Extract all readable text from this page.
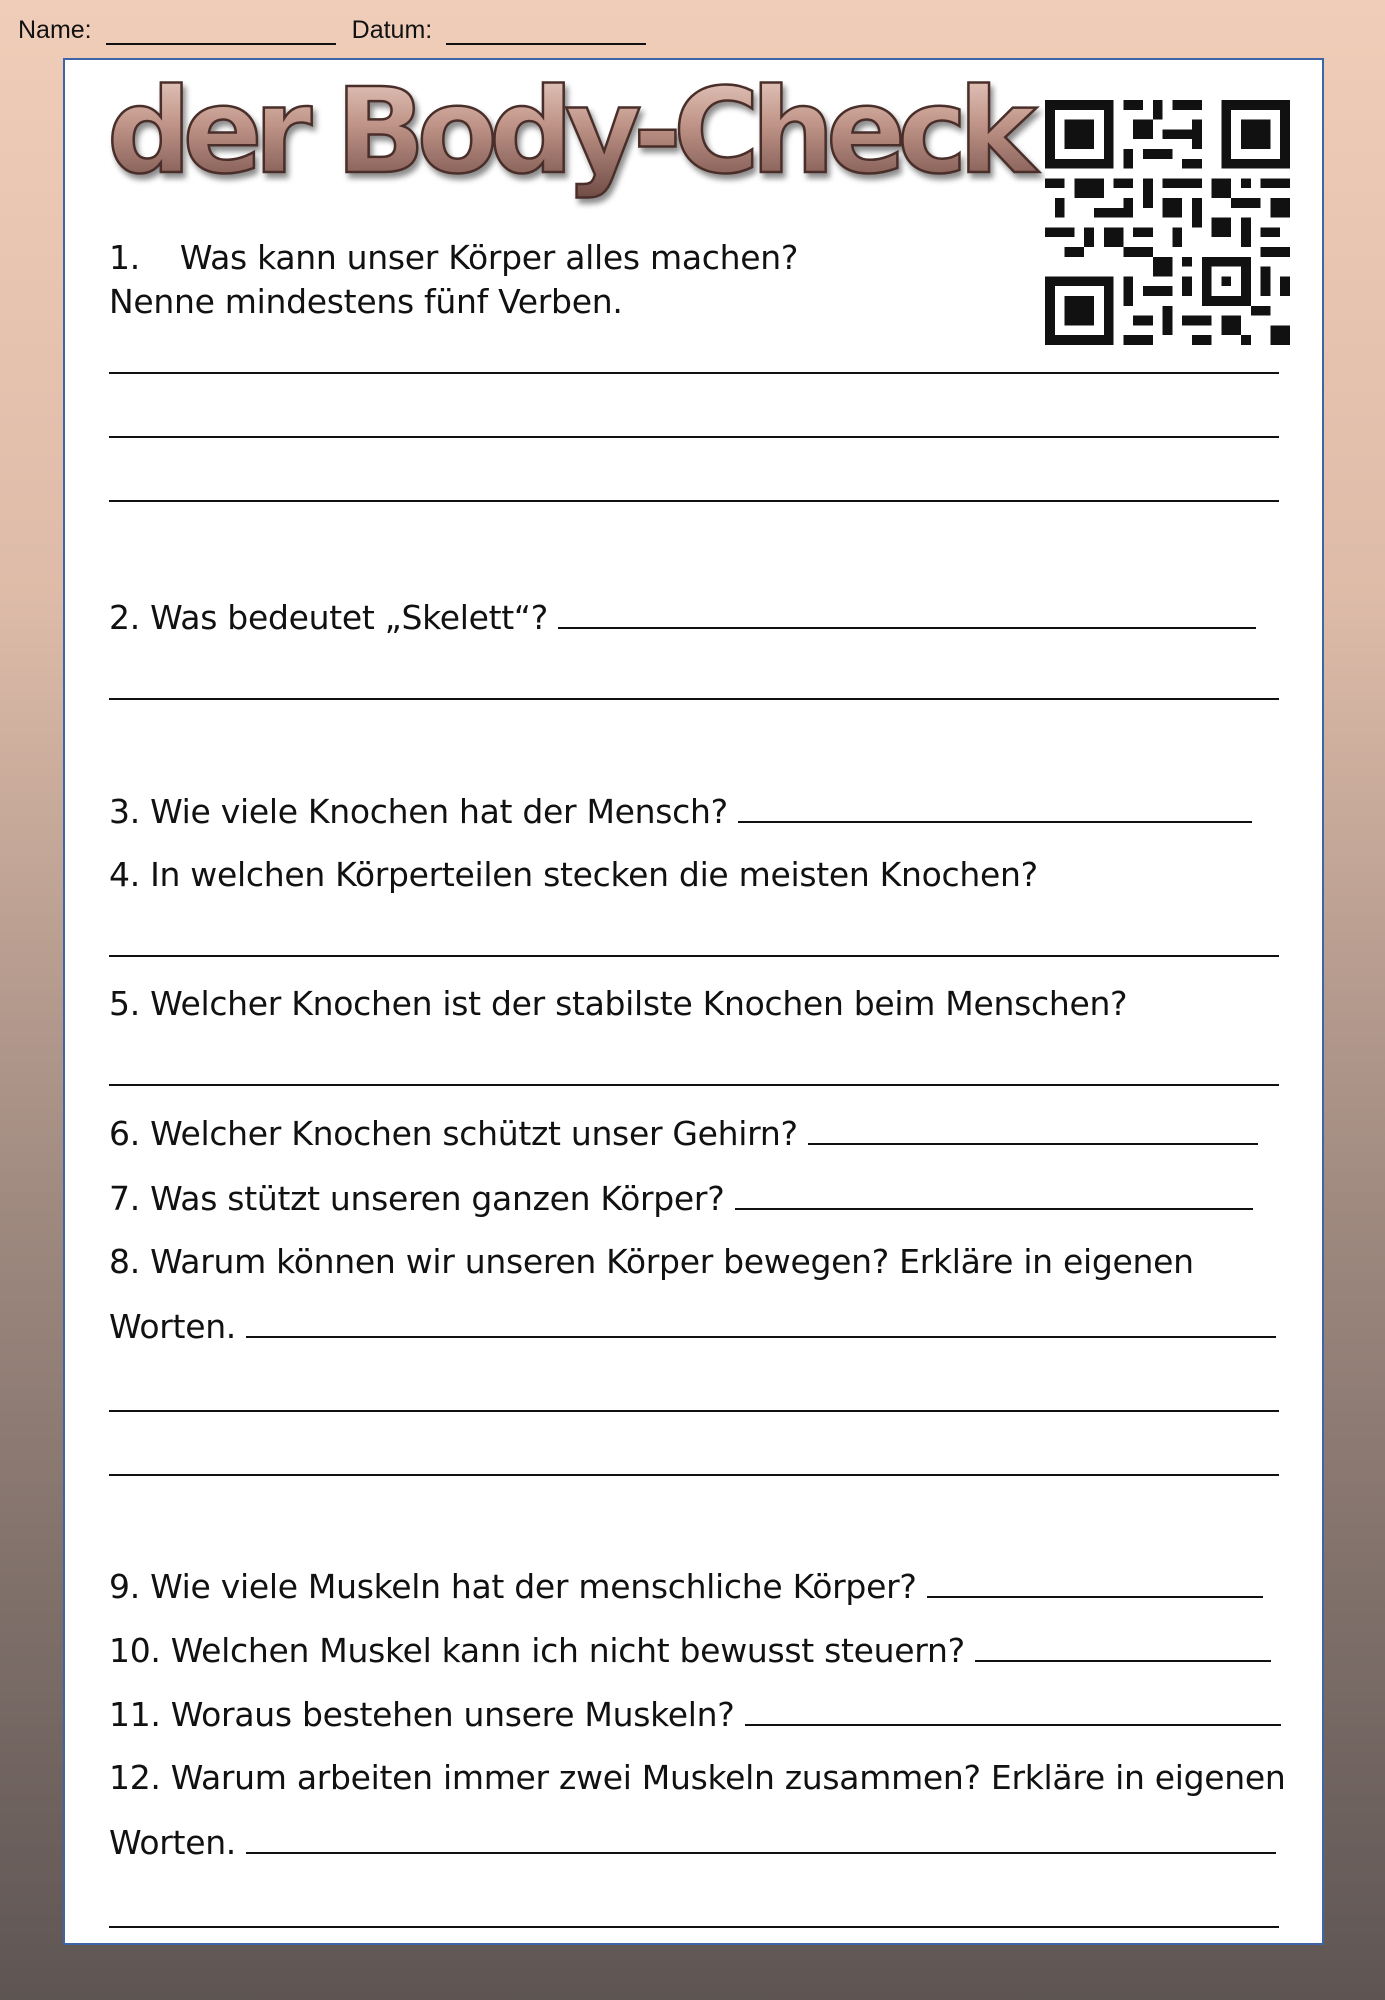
Name:	Datum:
der Body-Check
1. Was kann unser Körper alles machen?
Nenne mindestens fünf Verben.
2. Was bedeutet „Skelett“?
3. Wie viele Knochen hat der Mensch?
4. In welchen Körperteilen stecken die meisten Knochen?
5. Welcher Knochen ist der stabilste Knochen beim Menschen?
6. Welcher Knochen schützt unser Gehirn?
7. Was stützt unseren ganzen Körper?
8. Warum können wir unseren Körper bewegen? Erkläre in eigenen
Worten.
9. Wie viele Muskeln hat der menschliche Körper?
10. Welchen Muskel kann ich nicht bewusst steuern?
11. Woraus bestehen unsere Muskeln?
12. Warum arbeiten immer zwei Muskeln zusammen? Erkläre in eigenen
Worten.
